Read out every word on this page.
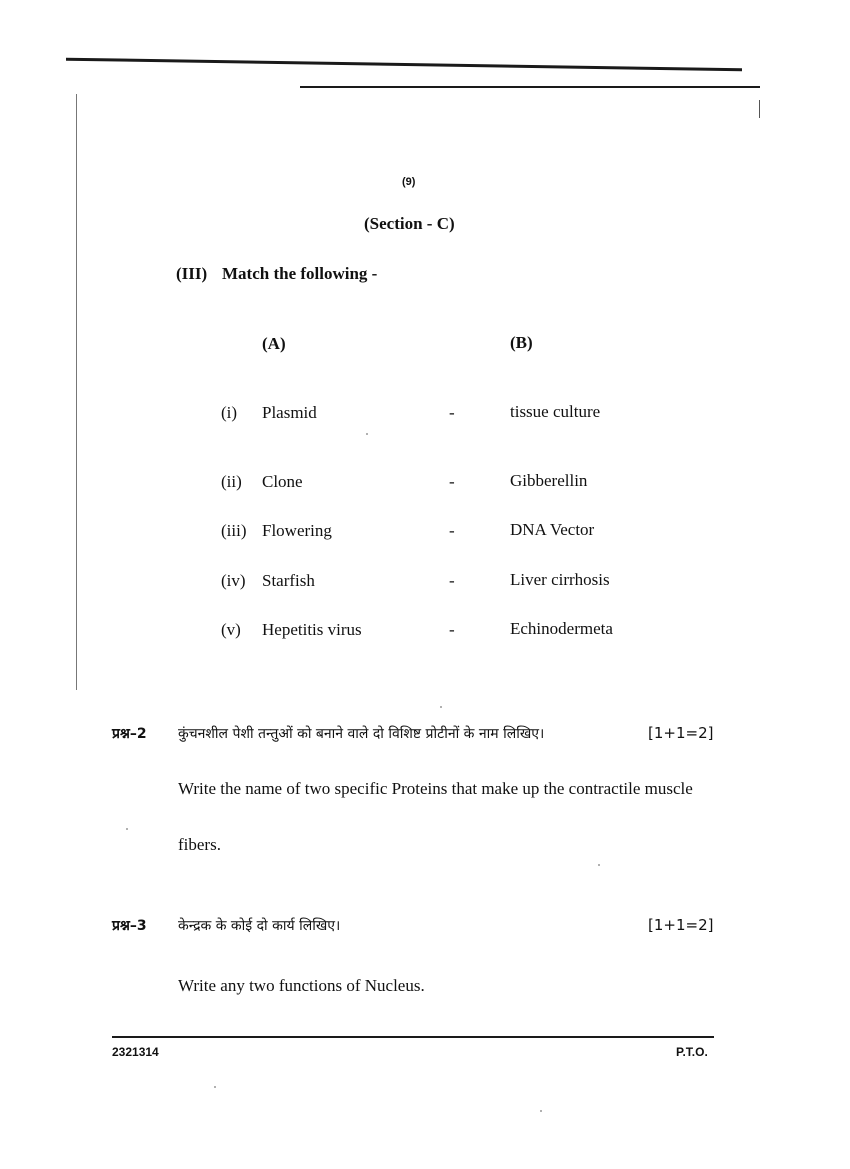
(9)
(Section - C)
(III) Match the following -
(A)	(B)
(i) Plasmid	-	tissue culture
(ii) Clone	-	Gibberellin
(iii) Flowering	-	DNA Vector
(iv) Starfish	-	Liver cirrhosis
(v) Hepetitis virus	-	Echinodermeta
प्रश्न–2 कुंचनशील पेशी तन्तुओं को बनाने वाले दो विशिष्ट प्रोटीनों के नाम लिखिए।	[1+1=2]
Write the name of two specific Proteins that make up the contractile muscle
fibers.
प्रश्न–3 केन्द्रक के कोई दो कार्य लिखिए।	[1+1=2]
Write any two functions of Nucleus.
2321314	P.T.O.
